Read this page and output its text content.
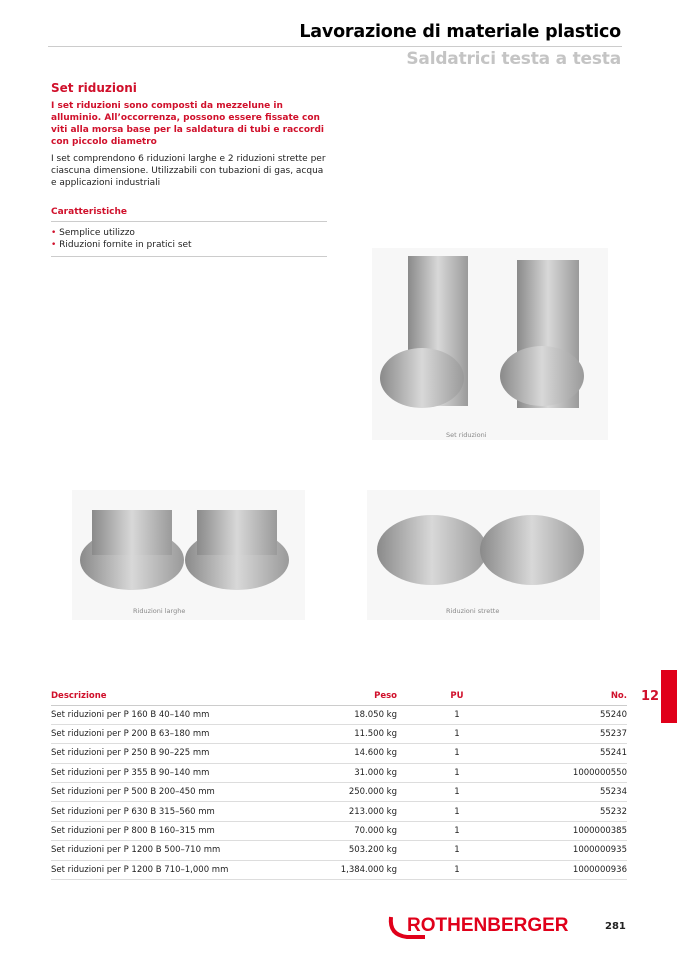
Lavorazione di materiale plastico
Saldatrici testa a testa
Set riduzioni
I set riduzioni sono composti da mezzelune in alluminio. All’occorrenza, possono essere fissate con viti alla morsa base per la saldatura di tubi e raccordi con piccolo diametro
I set comprendono 6 riduzioni larghe e 2 riduzioni strette per ciascuna dimensione. Utilizzabili con tubazioni di gas, acqua e applicazioni industriali
Caratteristiche
• Semplice utilizzo
• Riduzioni fornite in pratici set
Set riduzioni
Riduzioni larghe	Riduzioni strette
Descrizione	Peso	PU	No.
Set riduzioni per P 160 B 40–140 mm	18.050 kg	1	55240
Set riduzioni per P 200 B 63–180 mm	11.500 kg	1	55237
Set riduzioni per P 250 B 90–225 mm	14.600 kg	1	55241
Set riduzioni per P 355 B 90–140 mm	31.000 kg	1	1000000550
Set riduzioni per P 500 B 200–450 mm	250.000 kg	1	55234
Set riduzioni per P 630 B 315–560 mm	213.000 kg	1	55232
Set riduzioni per P 800 B 160–315 mm	70.000 kg	1	1000000385
Set riduzioni per P 1200 B 500–710 mm	503.200 kg	1	1000000935
Set riduzioni per P 1200 B 710–1,000 mm	1,384.000 kg	1	1000000936
12
ROTHENBERGER	281
